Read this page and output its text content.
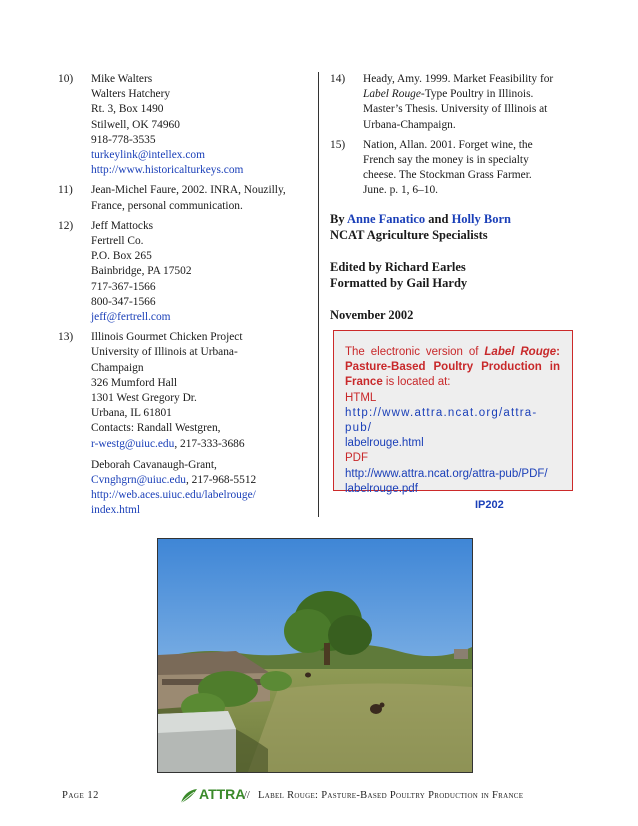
10)	Mike Walters
Walters Hatchery
Rt. 3, Box 1490
Stilwell, OK 74960
918-778-3535
turkeylink@intellex.com
http://www.historicalturkeys.com
11)	Jean-Michel Faure, 2002. INRA, Nouzilly,
France, personal communication.
12)	Jeff Mattocks
Fertrell Co.
P.O. Box 265
Bainbridge, PA 17502
717-367-1566
800-347-1566
jeff@fertrell.com
13)	Illinois Gourmet Chicken Project
University of Illinois at Urbana-
Champaign
326 Mumford Hall
1301 West Gregory Dr.
Urbana, IL 61801
Contacts: Randall Westgren,
r-westg@uiuc.edu, 217-333-3686
Deborah Cavanaugh-Grant,
Cvnghgrn@uiuc.edu, 217-968-5512
http://web.aces.uiuc.edu/labelrouge/
index.html
14)	Heady, Amy. 1999. Market Feasibility for
Label Rouge-Type Poultry in Illinois.
Master’s Thesis. University of Illinois at
Urbana-Champaign.
15)	Nation, Allan. 2001. Forget wine, the
French say the money is in specialty
cheese. The Stockman Grass Farmer.
June. p. 1, 6–10.
By Anne Fanatico and Holly Born
NCAT Agriculture Specialists
Edited by Richard Earles
Formatted by Gail Hardy
November 2002
The electronic version of Label Rouge: Pasture-Based Poultry Production in France is located at:
HTML
http://www.attra.ncat.org/attra-pub/
labelrouge.html
PDF
http://www.attra.ncat.org/attra-pub/PDF/
labelrouge.pdf
IP202
Page 12	ATTRA
// Label Rouge: Pasture-Based Poultry Production in France
